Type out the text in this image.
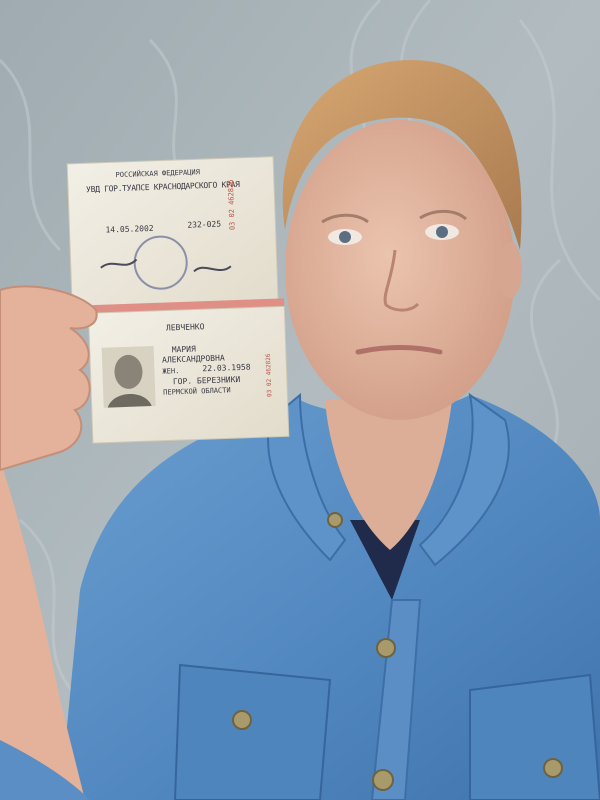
РОССИЙСКАЯ ФЕДЕРАЦИЯ
УВД ГОР.ТУАПСЕ КРАСНОДАРСКОГО КРАЯ
14.05.2002	232-025 03 02 462826
ЛЕВЧЕНКО
МАРИЯ
АЛЕКСАНДРОВНА
ЖЕН.	22.03.1958
ГОР. БЕРЕЗНИКИ
ПЕРМСКОЙ ОБЛАСТИ	03 02 462826
